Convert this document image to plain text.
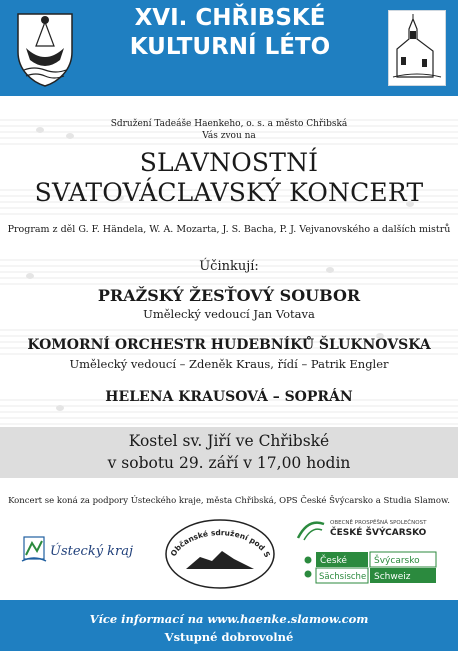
XVI. CHŘIBSKÉ
KULTURNÍ LÉTO
Sdružení Tadeáše Haenkeho, o. s. a město Chřibská
Vás zvou na
SLAVNOSTNÍ
SVATOVÁCLAVSKÝ KONCERT
Program z děl G. F. Händela, W. A. Mozarta, J. S. Bacha, P. J. Vejvanovského a dalších mistrů
Účinkují:
PRAŽSKÝ ŽESŤOVÝ SOUBOR
Umělecký vedoucí Jan Votava
KOMORNÍ ORCHESTR HUDEBNÍKŮ ŠLUKNOVSKA
Umělecký vedoucí – Zdeněk Kraus, řídí – Patrik Engler
HELENA KRAUSOVÁ – SOPRÁN
Kostel sv. Jiří ve Chřibské
v sobotu 29. září v 17,00 hodin
Koncert se koná za podpory Ústeckého kraje, města Chřibská, OPS České Švýcarsko a Studia Slamow.
Ústecký kraj	Občanské sdružení pod S
OBECNĚ PROSPĚŠNÁ SPOLEČNOST
ČESKÉ ŠVÝCARSKO
České	Švýcarsko
Sächsische Schweiz
Více informací na www.haenke.slamow.com
Vstupné dobrovolné
